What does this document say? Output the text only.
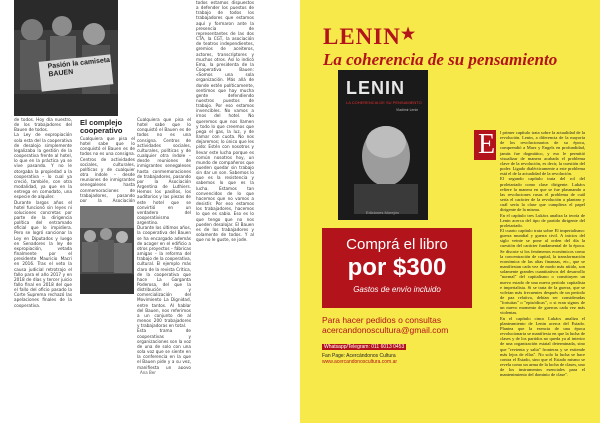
Pasión la camiseta BAUEN

de todos. Hoy día nuestro, de los trabajadores del Bauen de todos.
La Ley de expropiación sola esta del la cooperativa de desalojo simplemente legalizaba la gestión de la cooperativa frente al hotel, lo que en la práctica ya se vive pasando. Y no le otorgaba la propiedad a la cooperativa – lo cual ya creció, también, con otra modalidad, ya que en la entrega en comodato, una especie de alquiler.
Durante largos años el hotel funcionó sin leyes ni soluciones concretas por parte de la dirigencia política del entramado oficial que lo impidiera. Pero se logró sancionar la Ley en Diputados y luego en Senadores la ley de expropiación, vetada finalmente por el presidente Mauricio Macri en 2016. Tras el veto la causa judicial retrotrajo el fallo para el año 2017 y en 2018 de días y tercer juicio fallo final en 2018 del que el fallo del oficio pasado la Corte Suprema rechazó las apelaciones finales de la cooperativa.

El complejo cooperativo

Cualquiera que pisa el hotel sabe que lo conquistó el Bauen es de todos no es una consigna. Centros de actividades sociales, culturales, políticas y de cualquier otra índole – desde reuniones de inmigrantes senegaleses hasta conmemoraciones de trabajadores, pasando por la Asociación

Cualquiera que pisa el hotel sabe que lo conquistó el Bauen es de todos no es una consigna. Centros de actividades sociales, culturales, políticas y de cualquier otra índole – desde reuniones de inmigrantes senegaleses hasta conmemoraciones de trabajadores, pasando por la Asociación Argentina de Luthiers. Hemos los pasillos, los auditorios y las piezas de este hotel que se convirtió en un verdadero del cooperativismo argentino.
Durante los últimos años, la cooperativa del Bauen se ha encargado además de acoger en el edificio a otros proyectos – fábricas amigas – la reforma del trabajo de la cooperativa, cultural. El ejemplo más claro de la revista Crítica, de la cooperativa que hace La Garganta Poderosa, del que la distribución y comercialización del Movimiento La Dignidad, entre tantos. Al hablar del Bauen, nos referimos a un conjunto de al menos 200 trabajadores y trabajadoras en total.
Esta trama de cooperativas y organizaciones son la voz de una de solo con una sola voz que se siente en la conferencia en la que el Bauen pide y a su vez, manifiesta un apoyo

todos estamos dispuestos a defender los puestos de trabajo de todos los trabajadores que estamos aquí y formaron ante la presencia de representantes de las dos CTA, la CGT, la asociación de teatros independientes, gremios de aceiteros, actores, transcriptores y muchos otros. Así lo indicó Ema, la presidenta de la Cooperativa Bauen: «Somos una sola organización. Más allá de donde estén políticamente, sentimos que hay mucha gente defendiendo nuestros puestos de trabajo. Por eso estamos invencibles. No vamos a irnos del hotel. No queremos que nos llamen y todo lo que creemos que pega el gas, la luz, y de llamar con cuota. No nos dejaremos; lo único que les pido: Estén con nosotros y llevar este lucha porque es común nosotros hoy, un mundo de compañeros que pueden quedar sin trabajo sin dar un son. Sabemos lo que es la resistencia y sabemos lo que es la lucha. Estamos tan convencidos de lo que hacemos que no vamos a desistir. Por eso estamos los trabajadores, hacemos lo que es sabio. Eso es lo que tengo que no nos pueden desalojar. El Bauen es de los trabajadores y solamente de todos. Y al que no le guste, se jode.

Ana Ber
LENIN★
La coherencia de su pensamiento
LENIN
LA COHERENCIA DE SU PENSAMIENTO
Vladimir Lenin
Ediciones Morejón
Comprá el libro
por $300
Gastos de envío incluido
Para hacer pedidos o consultas
acercandonoscultura@gmail.com
Whatsapp/Telegram: 011 6013 0453
Fan Page: Acercándonos Cultura
www.acercandonoscultura.com.ar
E l primer capítulo trata sobre la actualidad de la revolución. Lenin, a diferencia de la mayoría de los revolucionarios de su época, comprendió a Marx y Engels en profundidad, jamás fue dogmático, y eso le permitió visualizar de manera acabada el problema clave de la revolución, es decir, la cuestión del poder. Ligado dialécticamente a este problema está el de la actualidad de la revolución.
El segundo capítulo trata del rol del proletariado como clase dirigente. Lukács refiere la manera en que se fue plasmando a las revoluciones rusas el problema de cuál sería el carácter de la revolución a plantear y cuál sería la clase que cumpliera el papel dirigente de la misma.
En el capítulo tres Lukács analiza la teoría de Lenin acerca del tipo de partido dirigente del proletariado.
El cuarto capítulo trata sobre El imperialismo: guerra mundial y guerra civil. A inicios del siglo veinte se pone al orden del día la cuestión del carácter fundamental de la época. Se discute si los fenómenos económicos como la concentración de capital, la transformación económica de las altas finanzas, etc., que se manifiestan cada vez de modo más nítido, son solamente grandes cuantitativos del desarrollo "normal" del capitalismo o constituyen un nuevo estado de una nueva período capitalista e imperialista. Si se trata de la guerra, que se volvían más frecuentes después de un período de paz relativa, debían ser consideradas "fortuitas" o "episódicas", o si eran signos de un nuevo momento de guerras cada vez más violentas.
En el capítulo cinco Lukács analiza el planteamiento de Lenin acerca del Estado. Plantea que la esencia de una época revolucionaria se manifiesta en que la lucha de clases y de los partidos no queda ya al interior de una organización estatal determinada, sino que "revienta y salta" fronteras y se extiende más lejos de ellas". No solo la lucha se hace contra el Estado, sino que el Estado mismo se revela como un arma de la lucha de clases, uno de los instrumentos esenciales para el mantenimiento del dominio de clase".
